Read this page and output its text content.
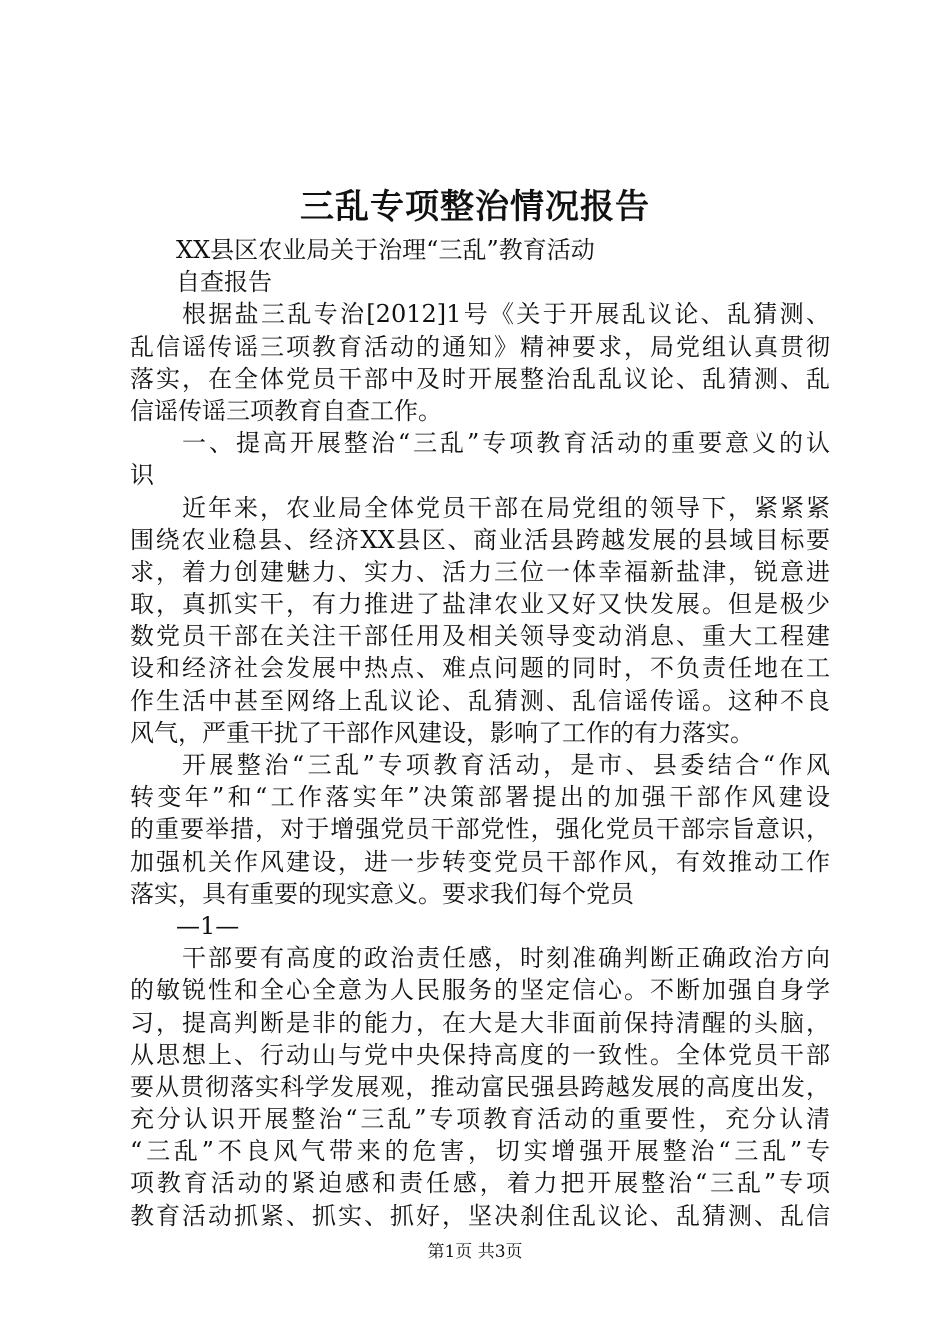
三乱专项整治情况报告
XX县区农业局关于治理“三乱”教育活动
自查报告
根据盐三乱专治[2012]1号《关于开展乱议论、乱猜测、
乱信谣传谣三项教育活动的通知》精神要求，局党组认真贯彻
落实，在全体党员干部中及时开展整治乱乱议论、乱猜测、乱
信谣传谣三项教育自查工作。
一、提高开展整治“三乱”专项教育活动的重要意义的认
识
近年来，农业局全体党员干部在局党组的领导下，紧紧紧
围绕农业稳县、经济XX县区、商业活县跨越发展的县域目标要
求，着力创建魅力、实力、活力三位一体幸福新盐津，锐意进
取，真抓实干，有力推进了盐津农业又好又快发展。但是极少
数党员干部在关注干部任用及相关领导变动消息、重大工程建
设和经济社会发展中热点、难点问题的同时，不负责任地在工
作生活中甚至网络上乱议论、乱猜测、乱信谣传谣。这种不良
风气，严重干扰了干部作风建设，影响了工作的有力落实。
开展整治“三乱”专项教育活动，是市、县委结合“作风
转变年”和“工作落实年”决策部署提出的加强干部作风建设
的重要举措，对于增强党员干部党性，强化党员干部宗旨意识，
加强机关作风建设，进一步转变党员干部作风，有效推动工作
落实，具有重要的现实意义。要求我们每个党员
—1—
干部要有高度的政治责任感，时刻准确判断正确政治方向
的敏锐性和全心全意为人民服务的坚定信心。不断加强自身学
习，提高判断是非的能力，在大是大非面前保持清醒的头脑，
从思想上、行动山与党中央保持高度的一致性。全体党员干部
要从贯彻落实科学发展观，推动富民强县跨越发展的高度出发，
充分认识开展整治“三乱”专项教育活动的重要性，充分认清
“三乱”不良风气带来的危害，切实增强开展整治“三乱”专
项教育活动的紧迫感和责任感，着力把开展整治“三乱”专项
教育活动抓紧、抓实、抓好，坚决刹住乱议论、乱猜测、乱信
第1页 共3页
